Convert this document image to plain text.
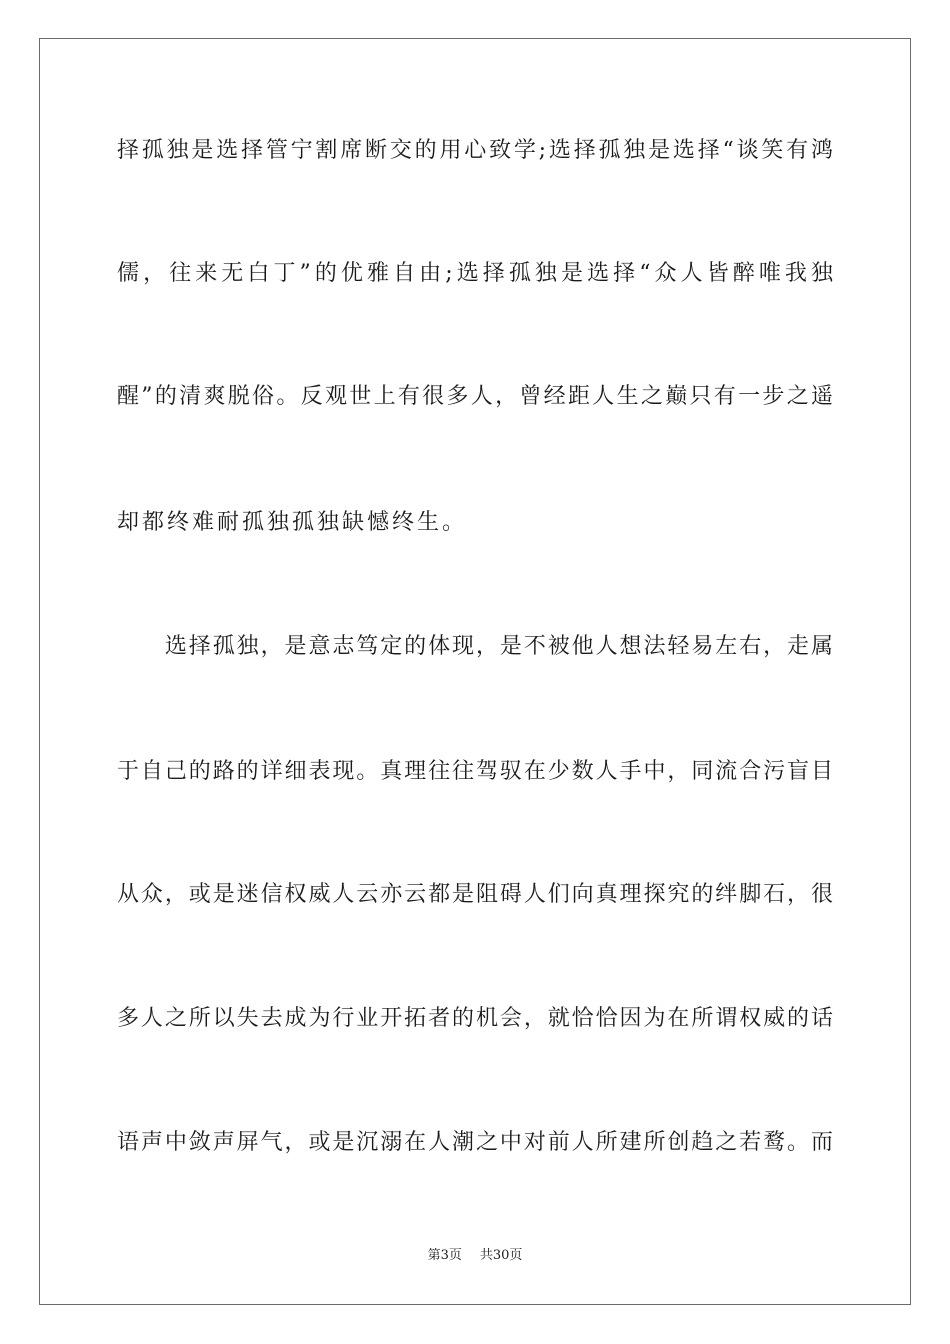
择孤独是选择管宁割席断交的用心致学;选择孤独是选择“谈笑有鸿
儒，往来无白丁”的优雅自由;选择孤独是选择“众人皆醉唯我独
醒”的清爽脱俗。反观世上有很多人，曾经距人生之巅只有一步之遥
却都终难耐孤独孤独缺憾终生。
　　选择孤独，是意志笃定的体现，是不被他人想法轻易左右，走属
于自己的路的详细表现。真理往往驾驭在少数人手中，同流合污盲目
从众，或是迷信权威人云亦云都是阻碍人们向真理探究的绊脚石，很
多人之所以失去成为行业开拓者的机会，就恰恰因为在所谓权威的话
语声中敛声屏气，或是沉溺在人潮之中对前人所建所创趋之若鹜。而
第3页 共30页
